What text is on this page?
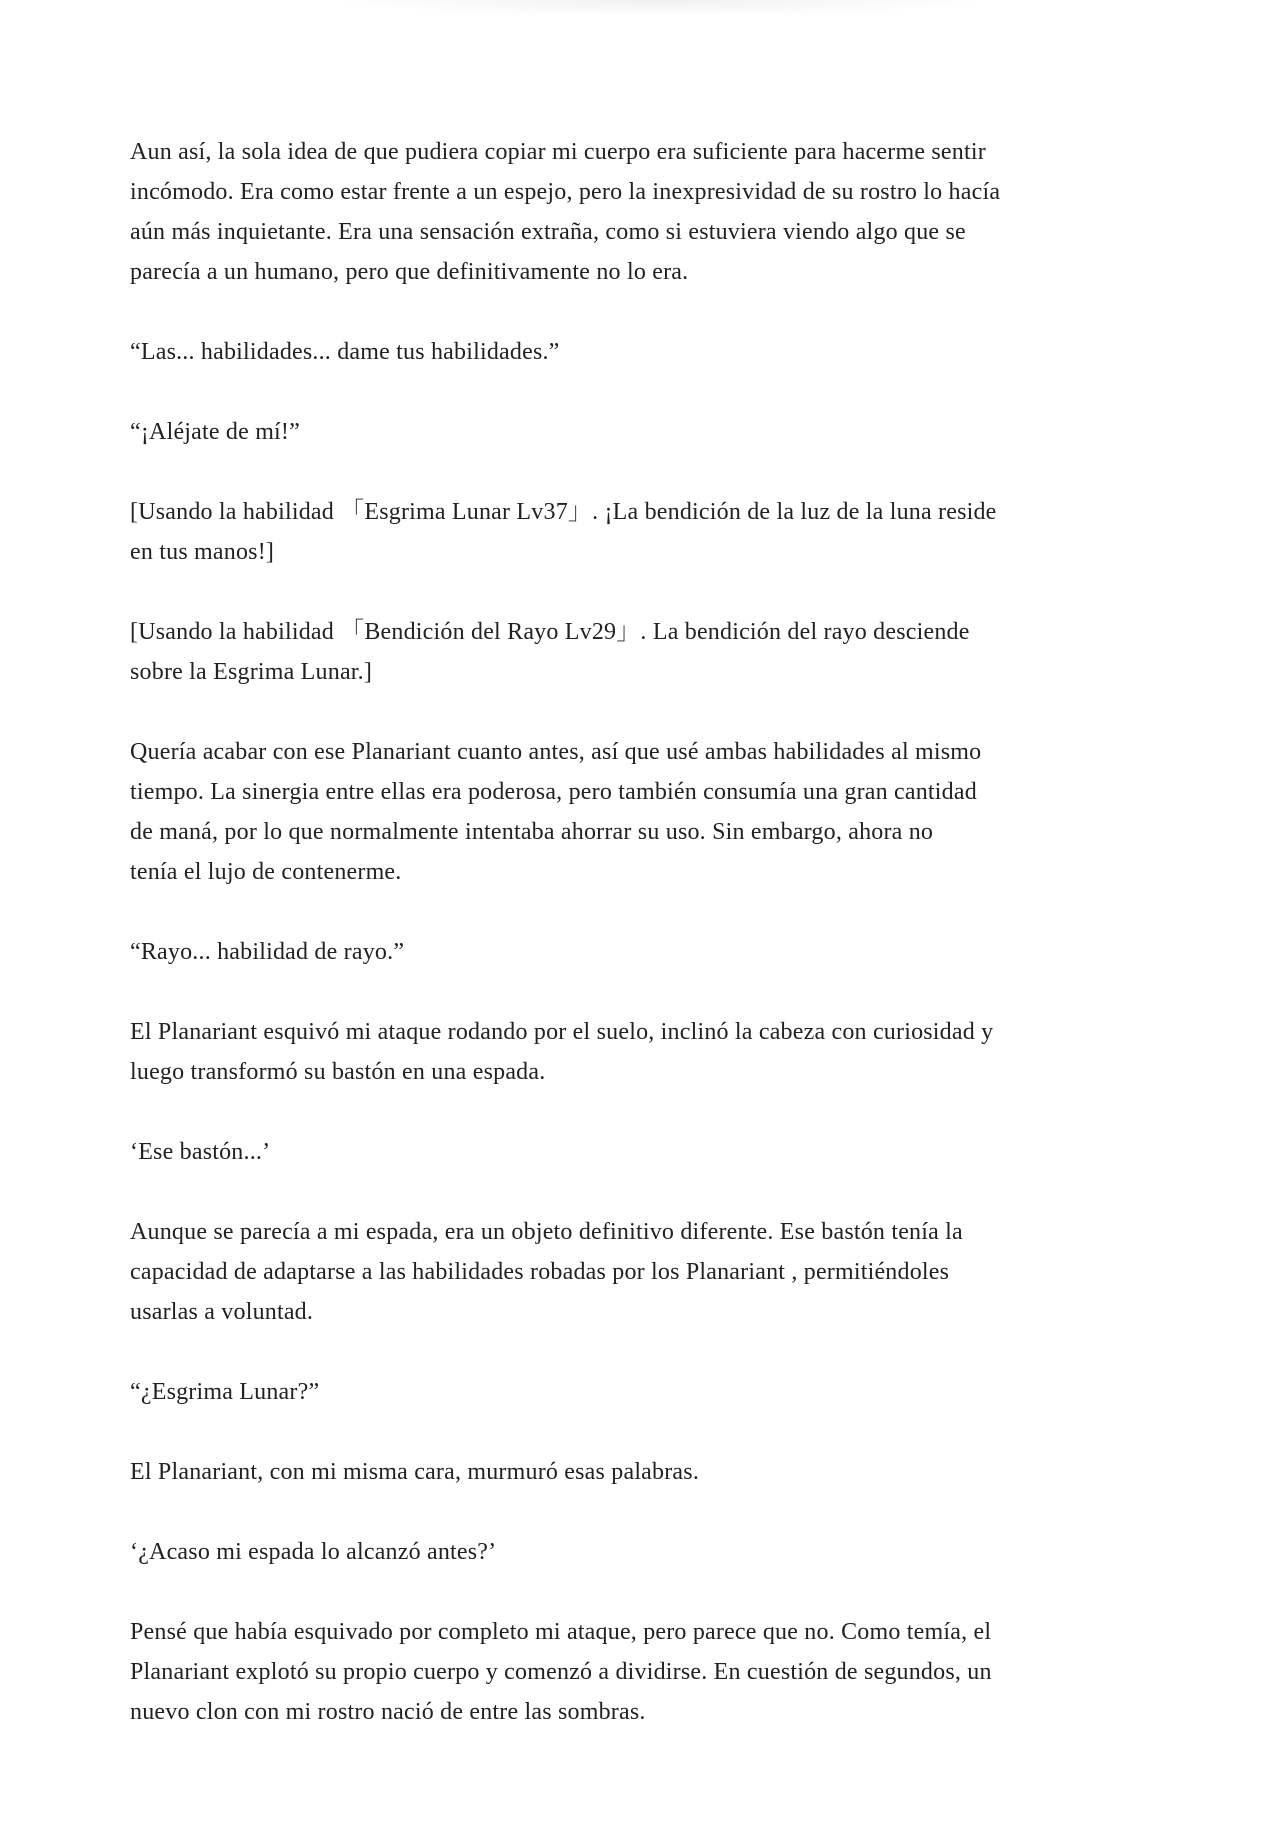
Aun así, la sola idea de que pudiera copiar mi cuerpo era suficiente para hacerme sentir
incómodo. Era como estar frente a un espejo, pero la inexpresividad de su rostro lo hacía
aún más inquietante. Era una sensación extraña, como si estuviera viendo algo que se
parecía a un humano, pero que definitivamente no lo era.

“Las... habilidades... dame tus habilidades.”

“¡Aléjate de mí!”

[Usando la habilidad 「Esgrima Lunar Lv37」. ¡La bendición de la luz de la luna reside
en tus manos!]

[Usando la habilidad 「Bendición del Rayo Lv29」. La bendición del rayo desciende
sobre la Esgrima Lunar.]

Quería acabar con ese Planariant cuanto antes, así que usé ambas habilidades al mismo
tiempo. La sinergia entre ellas era poderosa, pero también consumía una gran cantidad
de maná, por lo que normalmente intentaba ahorrar su uso. Sin embargo, ahora no
tenía el lujo de contenerme.

“Rayo... habilidad de rayo.”

El Planariant esquivó mi ataque rodando por el suelo, inclinó la cabeza con curiosidad y
luego transformó su bastón en una espada.

‘Ese bastón...’

Aunque se parecía a mi espada, era un objeto definitivo diferente. Ese bastón tenía la
capacidad de adaptarse a las habilidades robadas por los Planariant , permitiéndoles
usarlas a voluntad.

“¿Esgrima Lunar?”

El Planariant, con mi misma cara, murmuró esas palabras.

‘¿Acaso mi espada lo alcanzó antes?’

Pensé que había esquivado por completo mi ataque, pero parece que no. Como temía, el
Planariant explotó su propio cuerpo y comenzó a dividirse. En cuestión de segundos, un
nuevo clon con mi rostro nació de entre las sombras.
